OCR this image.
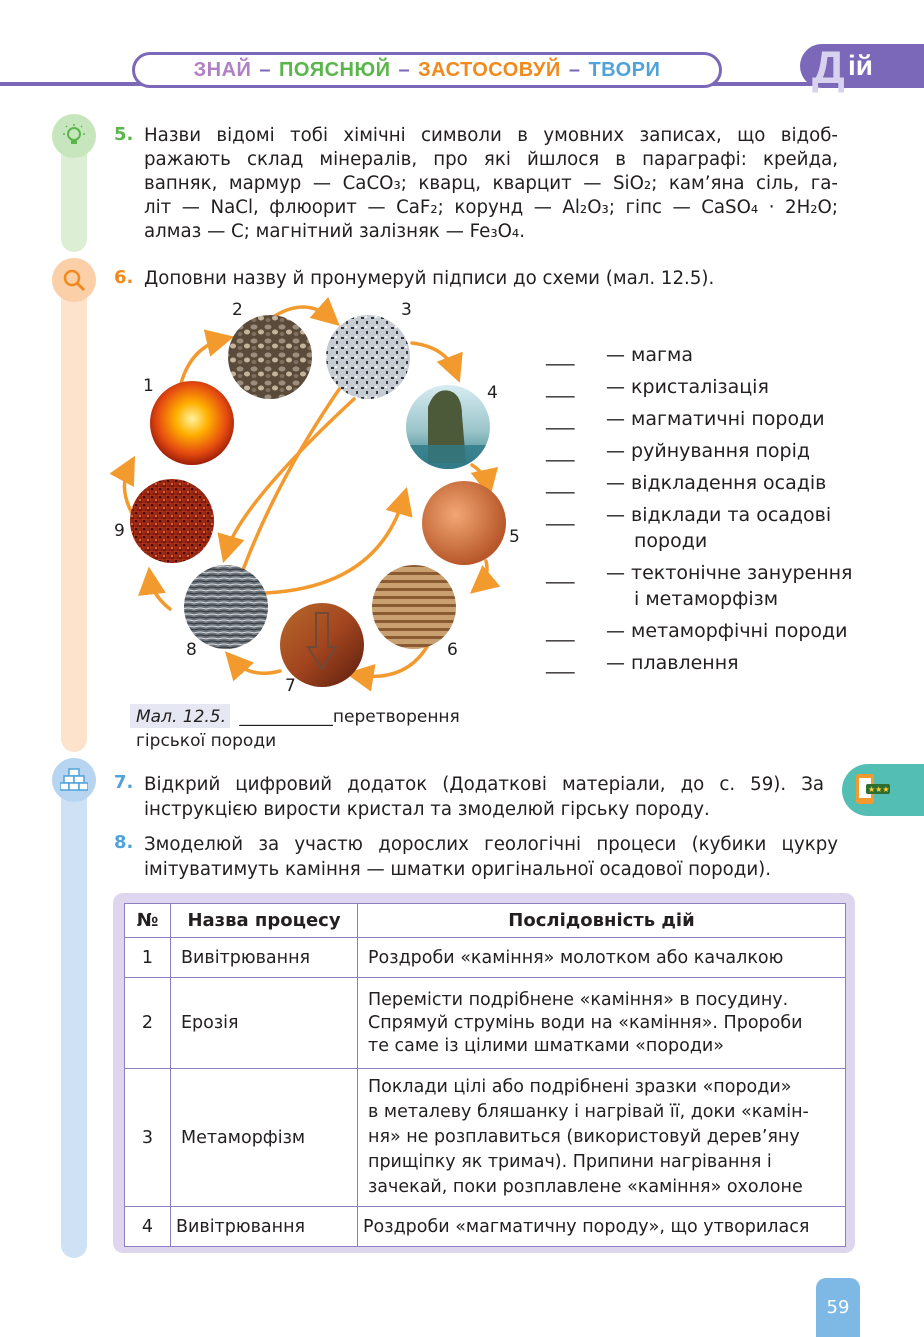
ЗНАЙ – ПОЯСНЮЙ – ЗАСТОСОВУЙ – ТВОРИ	Д ій
5. Назви відомі тобі хімічні символи в умовних записах, що відоб-
ражають склад мінералів, про які йшлося в параграфі: крейда,
вапняк, мармур — CaCO₃; кварц, кварцит — SiO₂; кам’яна сіль, га-
літ — NaCl, флюорит — CaF₂; корунд — Al₂O₃; гіпс — CaSO₄ · 2H₂O;
алмаз — C; магнітний залізняк — Fe₃O₄.
6. Доповни назву й пронумеруй підписи до схеми (мал. 12.5).
2	3
1	4
9	5
8	6
7
___ — магма
___ — кристалізація
___ — магматичні породи
___ — руйнування порід
___ — відкладення осадів
___ — відклади та осадові
породи
___ — тектонічне занурення
і метаморфізм
___ — метаморфічні породи
___ — плавлення
Мал. 12.5. ___________перетворення
гірської породи
7. Відкрий цифровий додаток (Додаткові матеріали, до с. 59). За
інструкцією вирости кристал та змоделюй гірську породу.
★★★
8. Змоделюй за участю дорослих геологічні процеси (кубики цукру
імітуватимуть каміння — шматки оригінальної осадової породи).
№	Назва процесу	Послідовність дій
1	Вивітрювання	Роздроби «каміння» молотком або качалкою

2	Ерозія	Перемісти подрібнене «каміння» в посудину.
Спрямуй струмінь води на «каміння». Пророби
те саме із цілими шматками «породи»

3	Метаморфізм	Поклади цілі або подрібнені зразки «породи»
в металеву бляшанку і нагрівай її, доки «камін-
ня» не розплавиться (використовуй дерев’яну
прищіпку як тримач). Припини нагрівання і
зачекай, поки розплавлене «каміння» охолоне

4	Вивітрювання	Роздроби «магматичну породу», що утворилася
59
